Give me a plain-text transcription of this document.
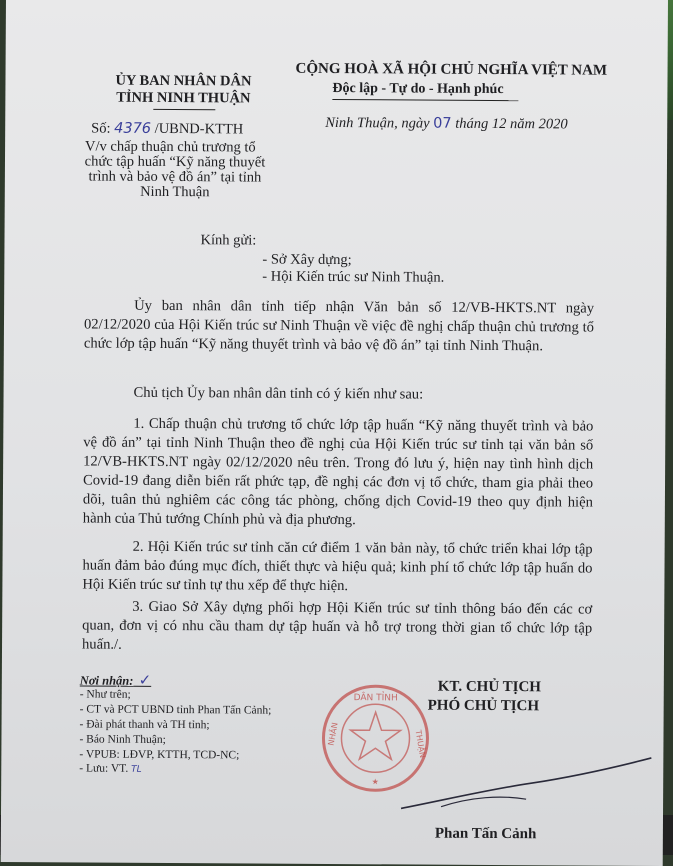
ỦY BAN NHÂN DÂN
TỈNH NINH THUẬN
CỘNG HOÀ XÃ HỘI CHỦ NGHĨA VIỆT NAM
Độc lập - Tự do - Hạnh phúc
Số: 4376 /UBND-KTTH	Ninh Thuận, ngày 07 tháng 12 năm 2020
V/v chấp thuận chủ trương tổ
chức tập huấn “Kỹ năng thuyết
trình và bảo vệ đồ án” tại tỉnh
Ninh Thuận
Kính gửi:
- Sở Xây dựng;
- Hội Kiến trúc sư Ninh Thuận.
Ủy ban nhân dân tỉnh tiếp nhận Văn bản số 12/VB-HKTS.NT ngày 02/12/2020 của Hội Kiến trúc sư Ninh Thuận về việc đề nghị chấp thuận chủ trương tổ chức lớp tập huấn “Kỹ năng thuyết trình và bảo vệ đồ án” tại tỉnh Ninh Thuận.
Chủ tịch Ủy ban nhân dân tỉnh có ý kiến như sau:
1. Chấp thuận chủ trương tổ chức lớp tập huấn “Kỹ năng thuyết trình và bảo vệ đồ án” tại tỉnh Ninh Thuận theo đề nghị của Hội Kiến trúc sư tỉnh tại văn bản số 12/VB-HKTS.NT ngày 02/12/2020 nêu trên. Trong đó lưu ý, hiện nay tình hình dịch Covid-19 đang diễn biến rất phức tạp, đề nghị các đơn vị tổ chức, tham gia phải theo dõi, tuân thủ nghiêm các công tác phòng, chống dịch Covid-19 theo quy định hiện hành của Thủ tướng Chính phủ và địa phương.
2. Hội Kiến trúc sư tỉnh căn cứ điểm 1 văn bản này, tổ chức triển khai lớp tập huấn đảm bảo đúng mục đích, thiết thực và hiệu quả; kinh phí tổ chức lớp tập huấn do Hội Kiến trúc sư tỉnh tự thu xếp để thực hiện.
3. Giao Sở Xây dựng phối hợp Hội Kiến trúc sư tỉnh thông báo đến các cơ quan, đơn vị có nhu cầu tham dự tập huấn và hỗ trợ trong thời gian tổ chức lớp tập huấn./.
Nơi nhận: ✓
- Như trên;
- CT và PCT UBND tỉnh Phan Tấn Cảnh;
- Đài phát thanh và TH tỉnh;
- Báo Ninh Thuận;
- VPUB: LĐVP, KTTH, TCD-NC;
- Lưu: VT. TL
KT. CHỦ TỊCH
PHÓ CHỦ TỊCH
DÂN TỈNH
NHÂN	THUẬN
★
Phan Tấn Cảnh
